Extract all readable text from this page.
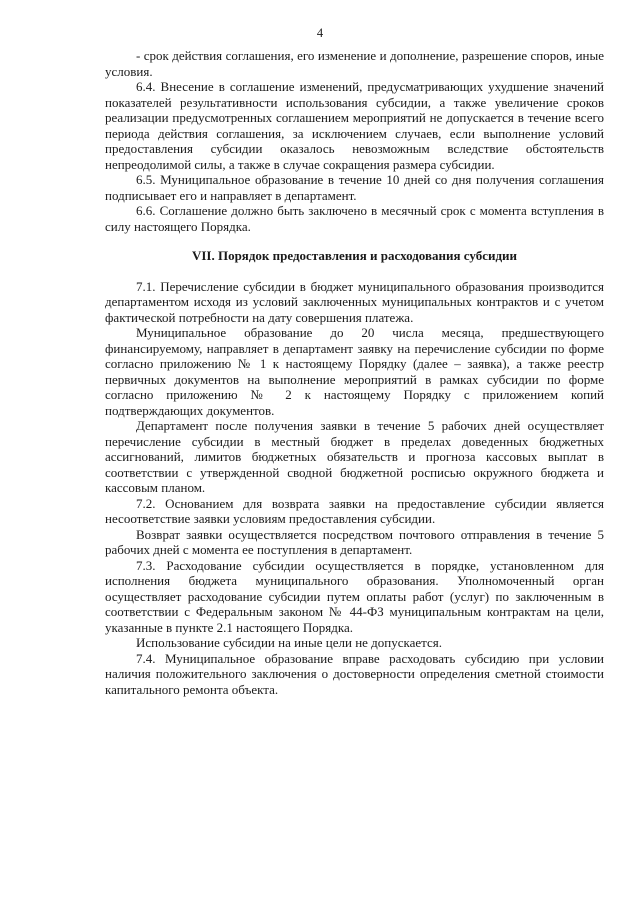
4

- срок действия соглашения, его изменение и дополнение, разрешение споров, иные условия.

6.4. Внесение в соглашение изменений, предусматривающих ухудшение значений показателей результативности использования субсидии, а также увеличение сроков реализации предусмотренных соглашением мероприятий не допускается в течение всего периода действия соглашения, за исключением случаев, если выполнение условий предоставления субсидии оказалось невозможным вследствие обстоятельств непреодолимой силы, а также в случае сокращения размера субсидии.

6.5. Муниципальное образование в течение 10 дней со дня получения соглашения подписывает его и направляет в департамент.

6.6. Соглашение должно быть заключено в месячный срок с момента вступления в силу настоящего Порядка.

VII. Порядок предоставления и расходования субсидии

7.1. Перечисление субсидии в бюджет муниципального образования производится департаментом исходя из условий заключенных муниципальных контрактов и с учетом фактической потребности на дату совершения платежа.

Муниципальное образование до 20 числа месяца, предшествующего финансируемому, направляет в департамент заявку на перечисление субсидии по форме согласно приложению № 1 к настоящему Порядку (далее – заявка), а также реестр первичных документов на выполнение мероприятий в рамках субсидии по форме согласно приложению № 2 к настоящему Порядку с приложением копий подтверждающих документов.

Департамент после получения заявки в течение 5 рабочих дней осуществляет перечисление субсидии в местный бюджет в пределах доведенных бюджетных ассигнований, лимитов бюджетных обязательств и прогноза кассовых выплат в соответствии с утвержденной сводной бюджетной росписью окружного бюджета и кассовым планом.

7.2. Основанием для возврата заявки на предоставление субсидии является несоответствие заявки условиям предоставления субсидии.

Возврат заявки осуществляется посредством почтового отправления в течение 5 рабочих дней с момента ее поступления в департамент.

7.3. Расходование субсидии осуществляется в порядке, установленном для исполнения бюджета муниципального образования. Уполномоченный орган осуществляет расходование субсидии путем оплаты работ (услуг) по заключенным в соответствии с Федеральным законом № 44-ФЗ муниципальным контрактам на цели, указанные в пункте 2.1 настоящего Порядка.

Использование субсидии на иные цели не допускается.

7.4. Муниципальное образование вправе расходовать субсидию при условии наличия положительного заключения о достоверности определения сметной стоимости капитального ремонта объекта.
